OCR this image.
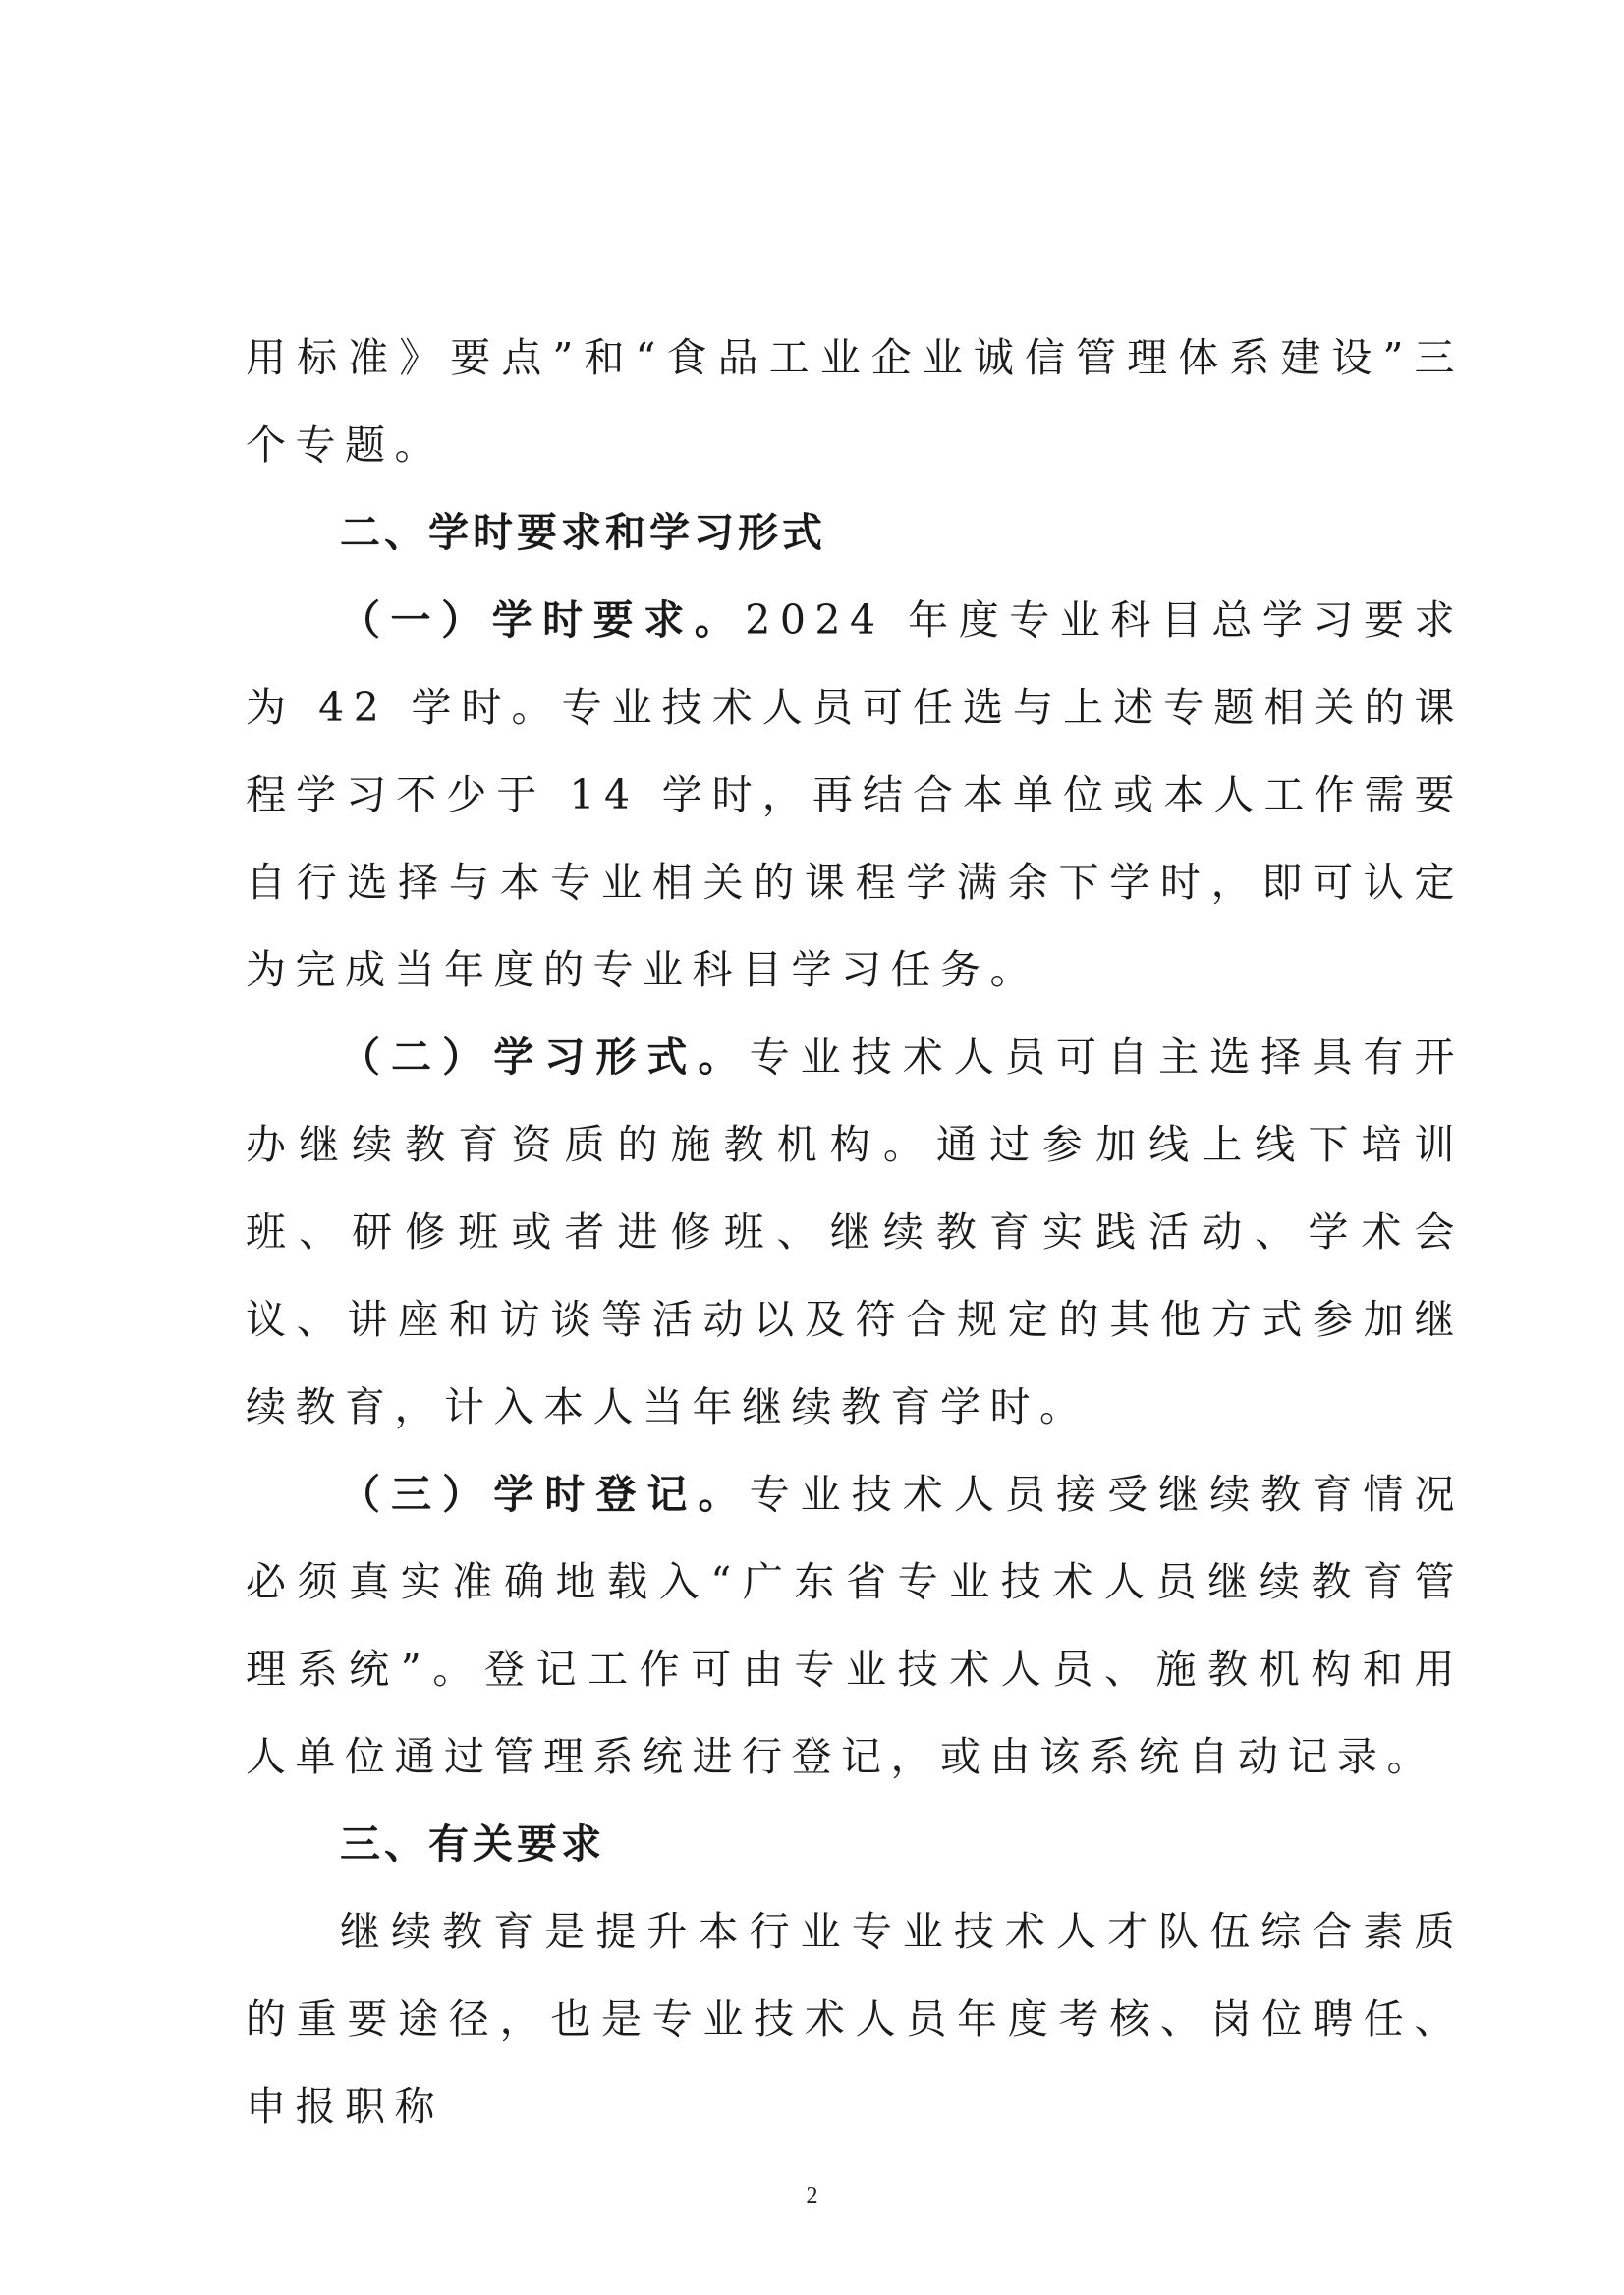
用标准》要点”和“食品工业企业诚信管理体系建设”三个专题。

二、学时要求和学习形式

（一）学时要求。2024 年度专业科目总学习要求为 42 学时。专业技术人员可任选与上述专题相关的课程学习不少于 14 学时，再结合本单位或本人工作需要自行选择与本专业相关的课程学满余下学时，即可认定为完成当年度的专业科目学习任务。

（二）学习形式。专业技术人员可自主选择具有开办继续教育资质的施教机构。通过参加线上线下培训班、研修班或者进修班、继续教育实践活动、学术会议、讲座和访谈等活动以及符合规定的其他方式参加继续教育，计入本人当年继续教育学时。

（三）学时登记。专业技术人员接受继续教育情况必须真实准确地载入“广东省专业技术人员继续教育管理系统”。登记工作可由专业技术人员、施教机构和用人单位通过管理系统进行登记，或由该系统自动记录。

三、有关要求

继续教育是提升本行业专业技术人才队伍综合素质的重要途径，也是专业技术人员年度考核、岗位聘任、申报职称

2
